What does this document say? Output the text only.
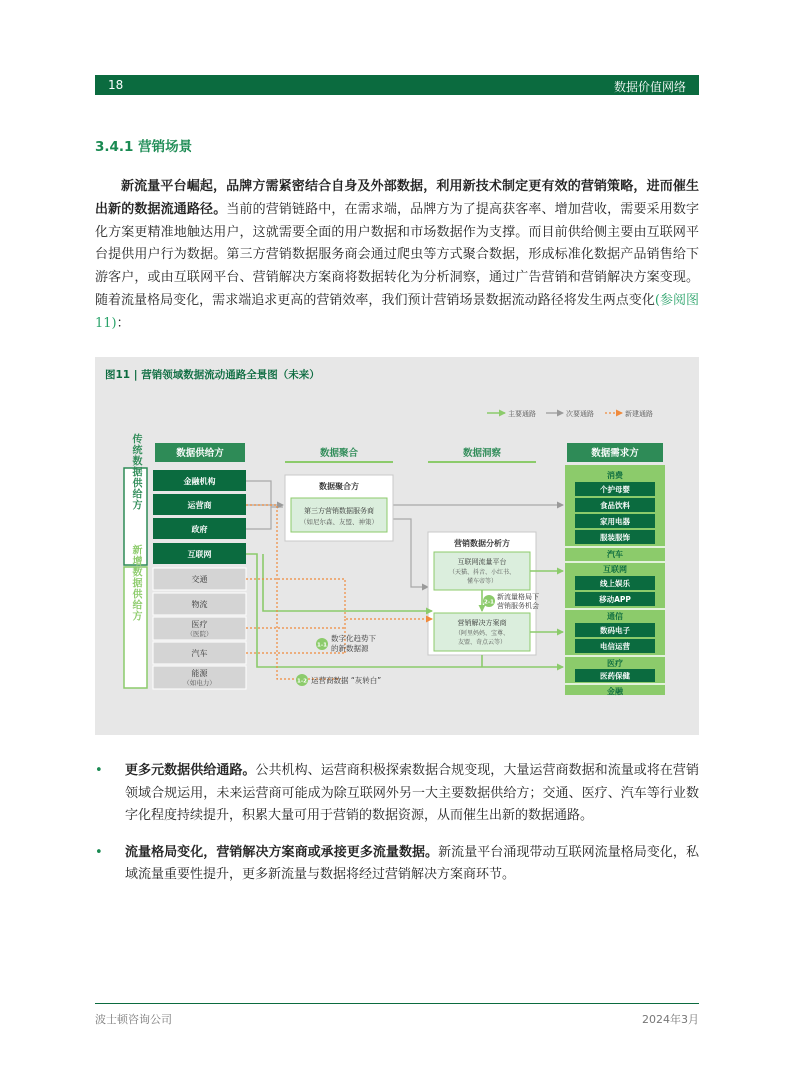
18	数据价值网络
3.4.1 营销场景

新流量平台崛起，品牌方需紧密结合自身及外部数据，利用新技术制定更有效的营销策略，进而催生出新的数据流通路径。当前的营销链路中，在需求端，品牌方为了提高获客率、增加营收，需要采用数字化方案更精准地触达用户，这就需要全面的用户数据和市场数据作为支撑。而目前供给侧主要由互联网平台提供用户行为数据。第三方营销数据服务商会通过爬虫等方式聚合数据，形成标准化数据产品销售给下游客户，或由互联网平台、营销解决方案商将数据转化为分析洞察，通过广告营销和营销解决方案变现。随着流量格局变化，需求端追求更高的营销效率，我们预计营销场景数据流动路径将发生两点变化(参阅图 11)：

图11 | 营销领域数据流动通路全景图（未来）
主要通路	次要通路	新建通路
数据供给方	数据聚合	数据洞察	数据需求方
传统数据供给方
新增数据供给方
金融机构
运营商
政府
互联网
交通
物流
医疗
（医院）
汽车
能源
（如电力）
数据聚合方
第三方营销数据服务商
（如尼尔森、友盟、神策）
营销数据分析方
互联网流量平台
（天猫、抖音、小红书、
懂车帝等）
营销解决方案商
（阿里妈妈、宝尊、
友盟、奇点云等）
消费
个护母婴
食品饮料
家用电器
服装服饰
汽车
互联网
线上娱乐
移动APP
通信
数码电子
电信运营
医疗
医药保健
金融
1-1
数字化趋势下
的新数据源
2-1
新流量格局下
营销服务机会
1-2 运营商数据 “灰转白”
• 更多元数据供给通路。公共机构、运营商积极探索数据合规变现，大量运营商数据和流量或将在营销领域合规运用，未来运营商可能成为除互联网外另一大主要数据供给方；交通、医疗、汽车等行业数字化程度持续提升，积累大量可用于营销的数据资源，从而催生出新的数据通路。
• 流量格局变化，营销解决方案商或承接更多流量数据。新流量平台涌现带动互联网流量格局变化，私域流量重要性提升，更多新流量与数据将经过营销解决方案商环节。
波士顿咨询公司	2024年3月
